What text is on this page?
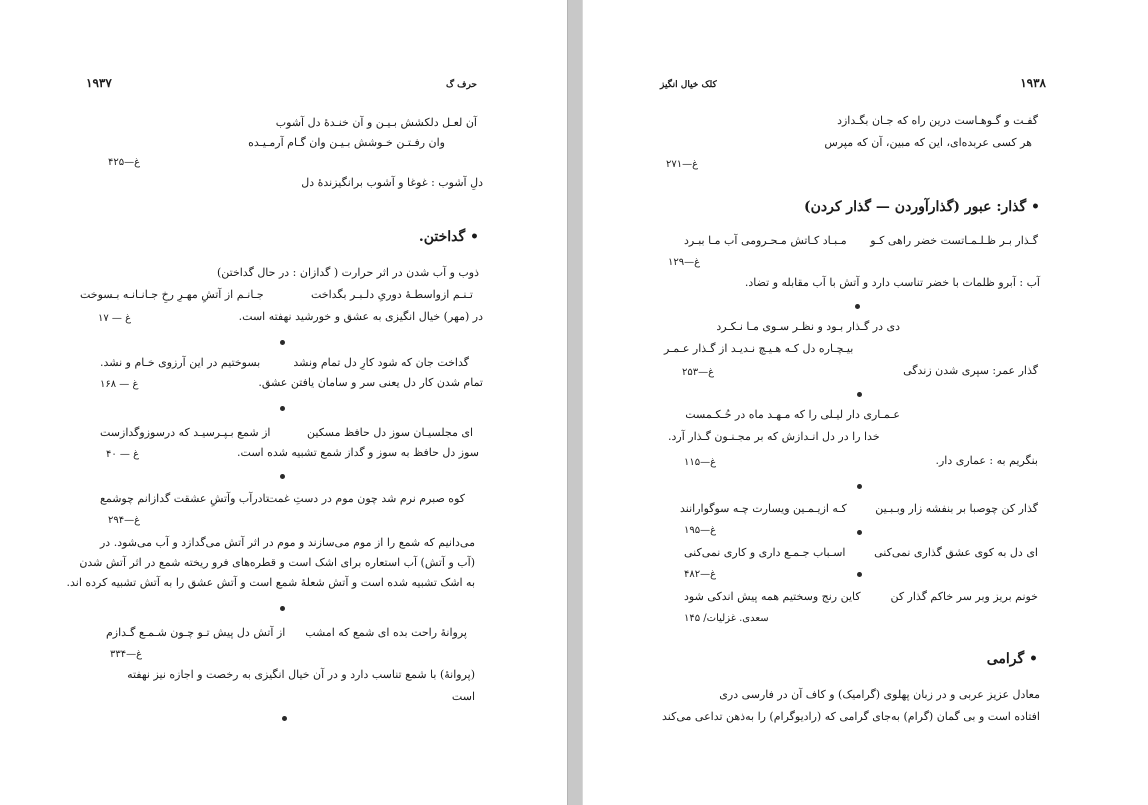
۱۹۳۷	حرف گ
آن لعـل دلکشش بـیـن و آن خنـدهٔ دل آشوب
وان رفـتـن خـوشش بـیـن وان گـام آرمـیـده
غ—۴۲۵
دلِ آشوب : غوغا و آشوب برانگیزندهٔ دل
• گداختن.
ذوب و آب شدن در اثر حرارت ( گدازان : در حال گداختن)
جـانـم از آتشِ مهـرِ رخِ جـانـانـه بـسوخت	تـنـم ازواسطـهٔ دوریِ دلـبـر بگداخت
در (مهر) خیال انگیزی به عشق و خورشید نهفته است.
غ — ۱۷
گداخت جان که شود کارِ دل تمام ونشد
بسوختیم در این آرزوی خـام و نشد.
تمام شدن کار دل یعنی سر و سامان یافتن عشق.
غ — ۱۶۸
از شمع بـپـرسیـد که درسوزوگدازست	ای مجلسیـان سوز دل حافظ مسکین
سوز دل حافظ به سوز و گداز شمع تشبیه شده است.
غ — ۴۰
تادرآب وآتشِ عشقت گدازانم چوشمع
کوه صبرم نرم شد چون موم در دستِ غمت
غ—۲۹۴
می‌دانیم که شمع را از موم می‌سازند و موم در اثر آتش می‌گدازد و آب می‌شود. در
(آب و آتش) آب استعاره برای اشک است و قطره‌های فرو ریخته شمع در اثر آتش شدن
به اشک تشبیه شده است و آتش شعلهٔ شمع است و آتش عشق را به آتش تشبیه کرده اند.
از آتش دل پیش تـو چـون شـمـع گـدازم پروانهٔ راحت بده ای شمع که امشب
غ—۳۳۴
(پروانهٔ) با شمع تناسب دارد و در آن خیال انگیزی به رخصت و اجازه نیز نهفته
است
۱۹۳۸
کلک خیال انگیز
گفـت و گـوهـاست درین راه که جـان بگـدازد
هر کسی عربده‌ای، این که مبین، آن که مپرس
غ—۲۷۱
• گذار: عبور (گذارآوردن — گذار کردن)
گـذار بـر ظـلـمـاتست خضر راهی کـو
مـبـاد کـاتش مـحـرومی آب مـا ببـرد
غ—۱۲۹
آب : آبرو ظلمات با خضر تناسب دارد و آتش با آب مقابله و تضاد.
دی در گـذار بـود و نظـر سـوی مـا نـکـرد
بیـچـاره دل کـه هـیـچ نـدیـد از گـذار عـمـر
گذار عمر: سپری شدن زندگی
غ—۲۵۳
عـمـاری دار لیـلی را که مـهـد ماه در حُـکـمست
خدا را در دل انـدازش که بر مجـنـون گـذار آرد.
بنگریم به : عماری دار.
غ—۱۱۵
گذار کن چوصبا بر بنفشه زار وبـبـین
کـه ازیـمـین ویسارت چـه سوگوارانند
غ—۱۹۵
ای دل به کوی عشق گذاری نمی‌کنی
اسـباب جـمـع داری و کاری نمی‌کنی
غ—۴۸۲
خونم بریز وبر سر خاکم گذار کن
کاین رنج وسختیم همه پیش اندکی شود
سعدی. غزلیات/ ۱۴۵
• گرامی
معادل عزیز عربی و در زبان پهلوی (گرامیک) و کاف آن در فارسی دری
افتاده است و بی گمان (گرام) به‌جای گرامی که (رادیوگرام) را به‌ذهن تداعی می‌کند
